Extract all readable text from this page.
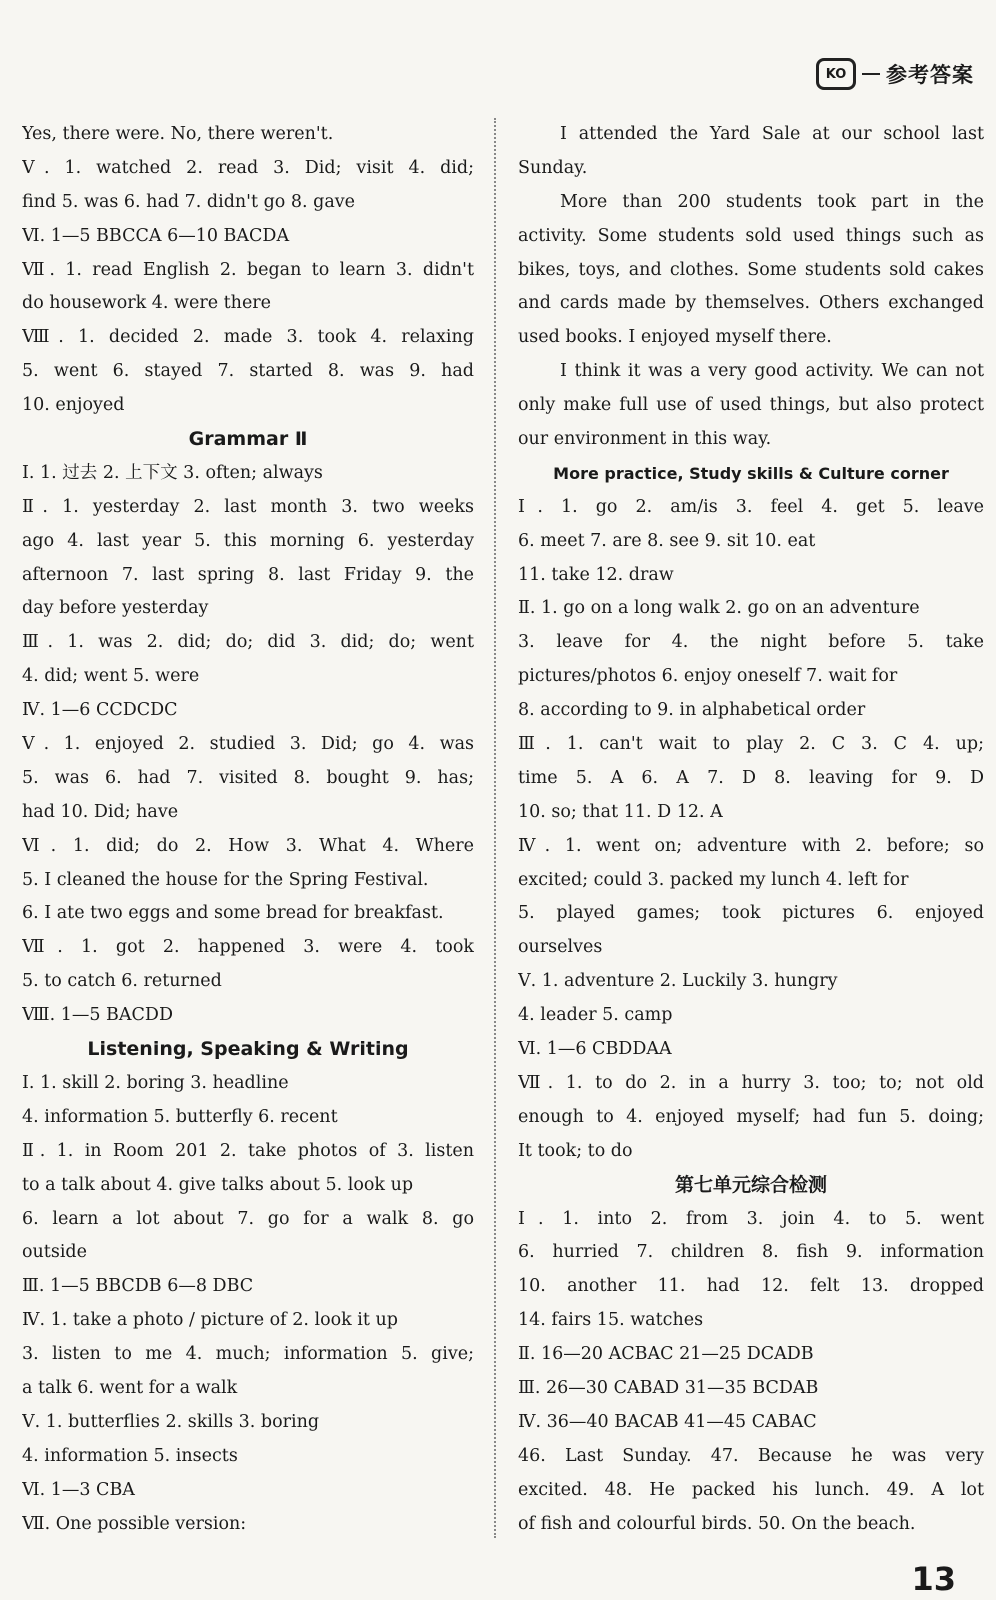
KO 参考答案
Yes, there were. No, there weren't.
Ⅴ. 1. watched 2. read 3. Did; visit 4. did;
find 5. was 6. had 7. didn't go 8. gave
Ⅵ. 1—5 BBCCA 6—10 BACDA
Ⅶ. 1. read English 2. began to learn 3. didn't
do housework 4. were there
Ⅷ. 1. decided 2. made 3. took 4. relaxing
5. went 6. stayed 7. started 8. was 9. had
10. enjoyed
Grammar Ⅱ
Ⅰ. 1. 过去 2. 上下文 3. often; always
Ⅱ. 1. yesterday 2. last month 3. two weeks
ago 4. last year 5. this morning 6. yesterday
afternoon 7. last spring 8. last Friday 9. the
day before yesterday
Ⅲ. 1. was 2. did; do; did 3. did; do; went
4. did; went 5. were
Ⅳ. 1—6 CCDCDC
Ⅴ. 1. enjoyed 2. studied 3. Did; go 4. was
5. was 6. had 7. visited 8. bought 9. has;
had 10. Did; have
Ⅵ. 1. did; do 2. How 3. What 4. Where
5. I cleaned the house for the Spring Festival.
6. I ate two eggs and some bread for breakfast.
Ⅶ. 1. got 2. happened 3. were 4. took
5. to catch 6. returned
Ⅷ. 1—5 BACDD
Listening, Speaking & Writing
Ⅰ. 1. skill 2. boring 3. headline
4. information 5. butterfly 6. recent
Ⅱ. 1. in Room 201 2. take photos of 3. listen
to a talk about 4. give talks about 5. look up
6. learn a lot about 7. go for a walk 8. go
outside
Ⅲ. 1—5 BBCDB 6—8 DBC
Ⅳ. 1. take a photo / picture of 2. look it up
3. listen to me 4. much; information 5. give;
a talk 6. went for a walk
Ⅴ. 1. butterflies 2. skills 3. boring
4. information 5. insects
Ⅵ. 1—3 CBA
Ⅶ. One possible version:
I attended the Yard Sale at our school last
Sunday.
More than 200 students took part in the
activity. Some students sold used things such as
bikes, toys, and clothes. Some students sold cakes
and cards made by themselves. Others exchanged
used books. I enjoyed myself there.
I think it was a very good activity. We can not
only make full use of used things, but also protect
our environment in this way.
More practice, Study skills & Culture corner
Ⅰ. 1. go 2. am/is 3. feel 4. get 5. leave
6. meet 7. are 8. see 9. sit 10. eat
11. take 12. draw
Ⅱ. 1. go on a long walk 2. go on an adventure
3. leave for 4. the night before 5. take
pictures/photos 6. enjoy oneself 7. wait for
8. according to 9. in alphabetical order
Ⅲ. 1. can't wait to play 2. C 3. C 4. up;
time 5. A 6. A 7. D 8. leaving for 9. D
10. so; that 11. D 12. A
Ⅳ. 1. went on; adventure with 2. before; so
excited; could 3. packed my lunch 4. left for
5. played games; took pictures 6. enjoyed
ourselves
Ⅴ. 1. adventure 2. Luckily 3. hungry
4. leader 5. camp
Ⅵ. 1—6 CBDDAA
Ⅶ. 1. to do 2. in a hurry 3. too; to; not old
enough to 4. enjoyed myself; had fun 5. doing;
It took; to do
第七单元综合检测
Ⅰ. 1. into 2. from 3. join 4. to 5. went
6. hurried 7. children 8. fish 9. information
10. another 11. had 12. felt 13. dropped
14. fairs 15. watches
Ⅱ. 16—20 ACBAC 21—25 DCADB
Ⅲ. 26—30 CABAD 31—35 BCDAB
Ⅳ. 36—40 BACAB 41—45 CABAC
46. Last Sunday. 47. Because he was very
excited. 48. He packed his lunch. 49. A lot
of fish and colourful birds. 50. On the beach.
13
